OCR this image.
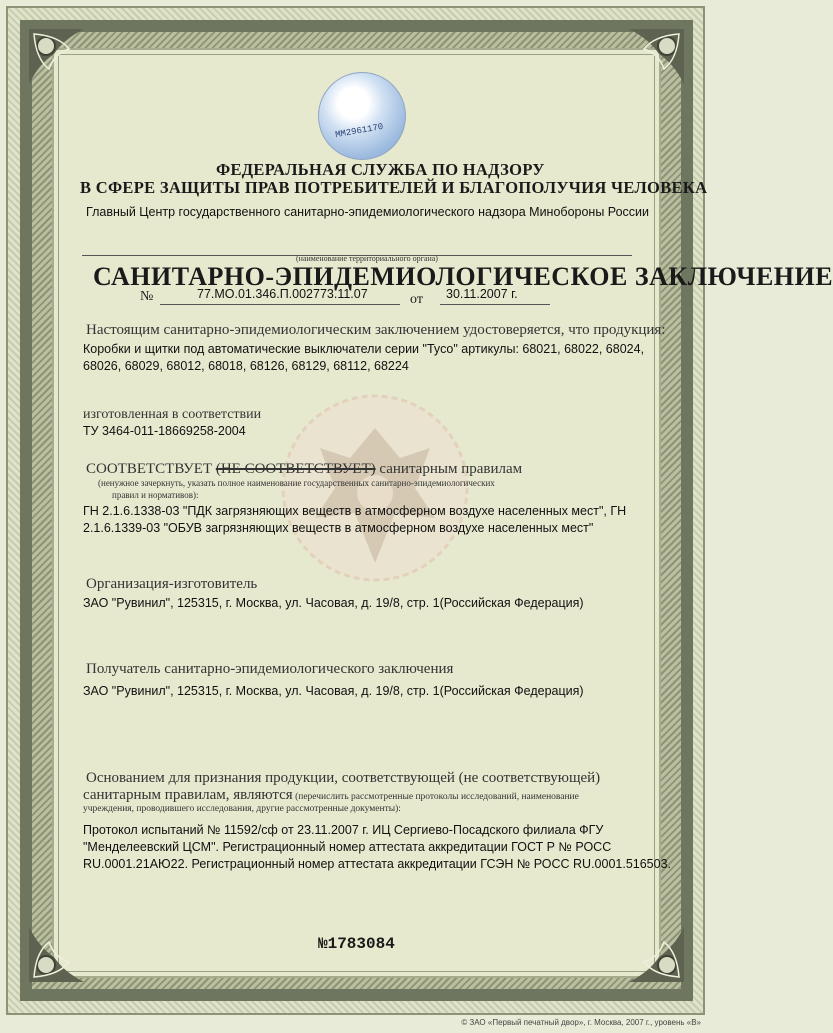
MM2961170
ФЕДЕРАЛЬНАЯ СЛУЖБА ПО НАДЗОРУ
В СФЕРЕ ЗАЩИТЫ ПРАВ ПОТРЕБИТЕЛЕЙ И БЛАГОПОЛУЧИЯ ЧЕЛОВЕКА
Главный Центр государственного санитарно-эпидемиологического надзора Минобороны России
(наименование территориального органа)
САНИТАРНО-ЭПИДЕМИОЛОГИЧЕСКОЕ ЗАКЛЮЧЕНИЕ
№	77.МО.01.346.П.002773.11.07	от 30.11.2007 г.
Настоящим санитарно-эпидемиологическим заключением удостоверяется, что продукция:
Коробки и щитки под автоматические выключатели серии "Tyco" артикулы: 68021, 68022, 68024,
68026, 68029, 68012, 68018, 68126, 68129, 68112, 68224
изготовленная в соответствии
ТУ 3464-011-18669258-2004
СООТВЕТСТВУЕТ (НЕ СООТВЕТСТВУЕТ) санитарным правилам
(ненужное зачеркнуть, указать полное наименование государственных санитарно-эпидемиологических
правил и нормативов):
ГН 2.1.6.1338-03 "ПДК загрязняющих веществ в атмосферном воздухе населенных мест", ГН
2.1.6.1339-03 "ОБУВ загрязняющих веществ в атмосферном воздухе населенных мест"
Организация-изготовитель
ЗАО "Рувинил", 125315, г. Москва, ул. Часовая, д. 19/8, стр. 1(Российская Федерация)
Получатель санитарно-эпидемиологического заключения
ЗАО "Рувинил", 125315, г. Москва, ул. Часовая, д. 19/8, стр. 1(Российская Федерация)
Основанием для признания продукции, соответствующей (не соответствующей)
санитарным правилам, являются (перечислить рассмотренные протоколы исследований, наименование
учреждения, проводившего исследования, другие рассмотренные документы):
Протокол испытаний № 11592/сф от 23.11.2007 г. ИЦ Сергиево-Посадского филиала ФГУ
"Менделеевский ЦСМ". Регистрационный номер аттестата аккредитации ГОСТ Р № РОСС
RU.0001.21АЮ22. Регистрационный номер аттестата аккредитации ГСЭН № РОСС RU.0001.516503.
№1783084
© ЗАО «Первый печатный двор», г. Москва, 2007 г., уровень «В»
